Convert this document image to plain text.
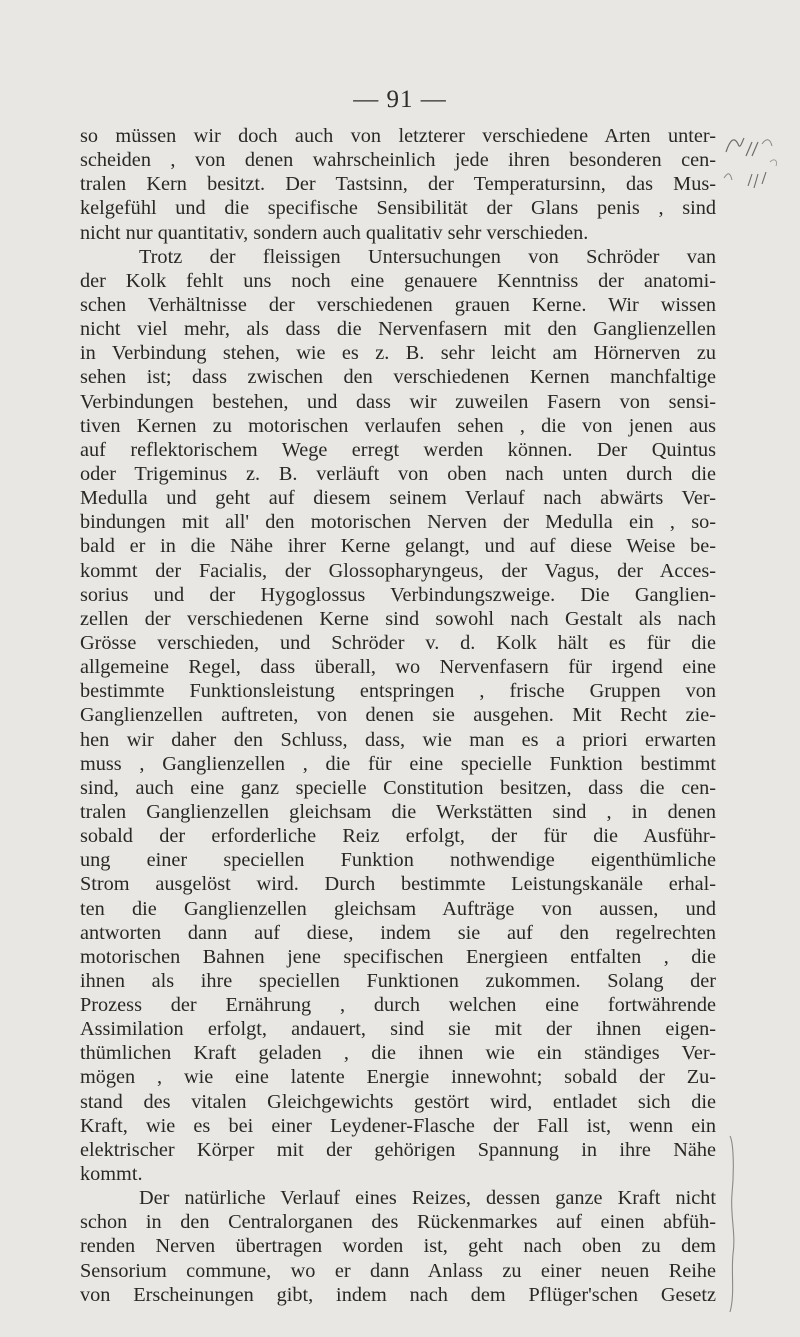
— 91 —
so müssen wir doch auch von letzterer verschiedene Arten unter-
scheiden , von denen wahrscheinlich jede ihren besonderen cen-
tralen Kern besitzt. Der Tastsinn, der Temperatursinn, das Mus-
kelgefühl und die specifische Sensibilität der Glans penis , sind
nicht nur quantitativ, sondern auch qualitativ sehr verschieden.
Trotz der fleissigen Untersuchungen von Schröder van
der Kolk fehlt uns noch eine genauere Kenntniss der anatomi-
schen Verhältnisse der verschiedenen grauen Kerne. Wir wissen
nicht viel mehr, als dass die Nervenfasern mit den Ganglienzellen
in Verbindung stehen, wie es z. B. sehr leicht am Hörnerven zu
sehen ist; dass zwischen den verschiedenen Kernen manchfaltige
Verbindungen bestehen, und dass wir zuweilen Fasern von sensi-
tiven Kernen zu motorischen verlaufen sehen , die von jenen aus
auf reflektorischem Wege erregt werden können. Der Quintus
oder Trigeminus z. B. verläuft von oben nach unten durch die
Medulla und geht auf diesem seinem Verlauf nach abwärts Ver-
bindungen mit all' den motorischen Nerven der Medulla ein , so-
bald er in die Nähe ihrer Kerne gelangt, und auf diese Weise be-
kommt der Facialis, der Glossopharyngeus, der Vagus, der Acces-
sorius und der Hygoglossus Verbindungszweige. Die Ganglien-
zellen der verschiedenen Kerne sind sowohl nach Gestalt als nach
Grösse verschieden, und Schröder v. d. Kolk hält es für die
allgemeine Regel, dass überall, wo Nervenfasern für irgend eine
bestimmte Funktionsleistung entspringen , frische Gruppen von
Ganglienzellen auftreten, von denen sie ausgehen. Mit Recht zie-
hen wir daher den Schluss, dass, wie man es a priori erwarten
muss , Ganglienzellen , die für eine specielle Funktion bestimmt
sind, auch eine ganz specielle Constitution besitzen, dass die cen-
tralen Ganglienzellen gleichsam die Werkstätten sind , in denen
sobald der erforderliche Reiz erfolgt, der für die Ausführ-
ung einer speciellen Funktion nothwendige eigenthümliche
Strom ausgelöst wird. Durch bestimmte Leistungskanäle erhal-
ten die Ganglienzellen gleichsam Aufträge von aussen, und
antworten dann auf diese, indem sie auf den regelrechten
motorischen Bahnen jene specifischen Energieen entfalten , die
ihnen als ihre speciellen Funktionen zukommen. Solang der
Prozess der Ernährung , durch welchen eine fortwährende
Assimilation erfolgt, andauert, sind sie mit der ihnen eigen-
thümlichen Kraft geladen , die ihnen wie ein ständiges Ver-
mögen , wie eine latente Energie innewohnt; sobald der Zu-
stand des vitalen Gleichgewichts gestört wird, entladet sich die
Kraft, wie es bei einer Leydener-Flasche der Fall ist, wenn ein
elektrischer Körper mit der gehörigen Spannung in ihre Nähe
kommt.
Der natürliche Verlauf eines Reizes, dessen ganze Kraft nicht
schon in den Centralorganen des Rückenmarkes auf einen abfüh-
renden Nerven übertragen worden ist, geht nach oben zu dem
Sensorium commune, wo er dann Anlass zu einer neuen Reihe
von Erscheinungen gibt, indem nach dem Pflüger'schen Gesetz
